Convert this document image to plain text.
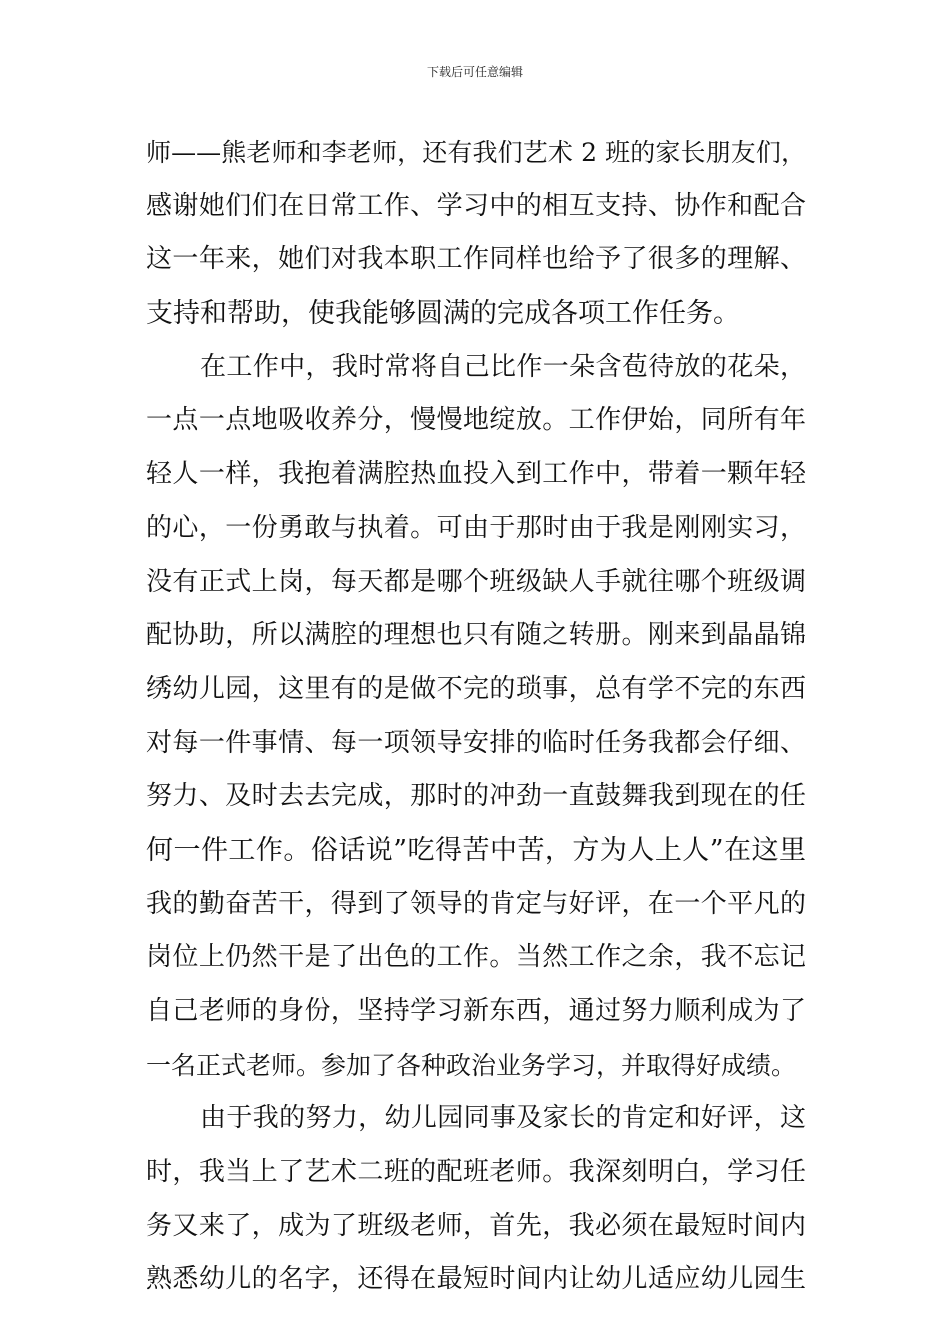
下载后可任意编辑
师——熊老师和李老师，还有我们艺术 2 班的家长朋友们，
感谢她们们在日常工作、学习中的相互支持、协作和配合
这一年来，她们对我本职工作同样也给予了很多的理解、
支持和帮助，使我能够圆满的完成各项工作任务。
在工作中，我时常将自己比作一朵含苞待放的花朵，
一点一点地吸收养分，慢慢地绽放。工作伊始，同所有年
轻人一样，我抱着满腔热血投入到工作中，带着一颗年轻
的心，一份勇敢与执着。可由于那时由于我是刚刚实习，
没有正式上岗，每天都是哪个班级缺人手就往哪个班级调
配协助，所以满腔的理想也只有随之转册。刚来到晶晶锦
绣幼儿园，这里有的是做不完的琐事，总有学不完的东西
对每一件事情、每一项领导安排的临时任务我都会仔细、
努力、及时去去完成，那时的冲劲一直鼓舞我到现在的任
何一件工作。俗话说”吃得苦中苦，方为人上人”在这里
我的勤奋苦干，得到了领导的肯定与好评，在一个平凡的
岗位上仍然干是了出色的工作。当然工作之余，我不忘记
自己老师的身份，坚持学习新东西，通过努力顺利成为了
一名正式老师。参加了各种政治业务学习，并取得好成绩。
由于我的努力，幼儿园同事及家长的肯定和好评，这
时，我当上了艺术二班的配班老师。我深刻明白，学习任
务又来了，成为了班级老师，首先，我必须在最短时间内
熟悉幼儿的名字，还得在最短时间内让幼儿适应幼儿园生
